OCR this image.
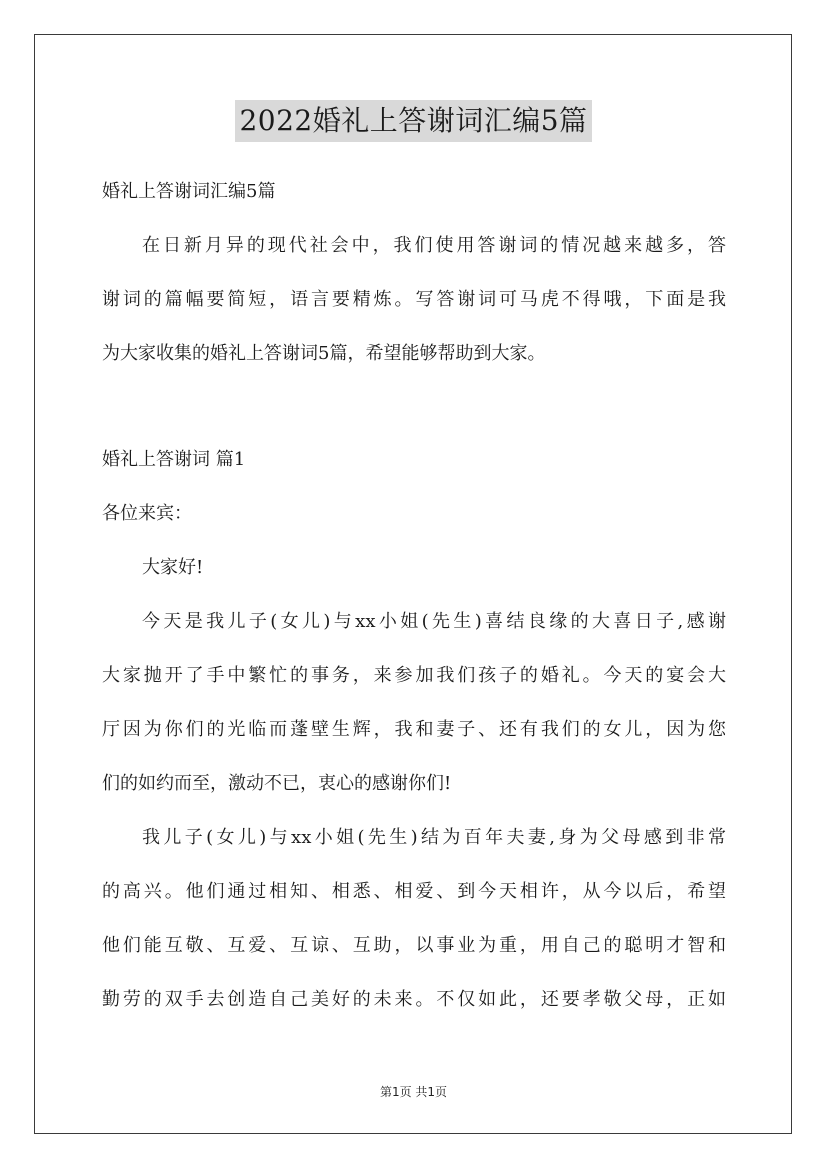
2022婚礼上答谢词汇编5篇

婚礼上答谢词汇编5篇

在日新月异的现代社会中，我们使用答谢词的情况越来越多，答

谢词的篇幅要简短，语言要精炼。写答谢词可马虎不得哦，下面是我

为大家收集的婚礼上答谢词5篇，希望能够帮助到大家。

婚礼上答谢词 篇1

各位来宾：

大家好!

今天是我儿子(女儿)与xx小姐(先生)喜结良缘的大喜日子,感谢

大家抛开了手中繁忙的事务，来参加我们孩子的婚礼。今天的宴会大

厅因为你们的光临而蓬壁生辉，我和妻子、还有我们的女儿，因为您

们的如约而至，激动不已，衷心的感谢你们!

我儿子(女儿)与xx小姐(先生)结为百年夫妻,身为父母感到非常

的高兴。他们通过相知、相悉、相爱、到今天相许，从今以后，希望

他们能互敬、互爱、互谅、互助，以事业为重，用自己的聪明才智和

勤劳的双手去创造自己美好的未来。不仅如此，还要孝敬父母，正如

第1页 共1页
